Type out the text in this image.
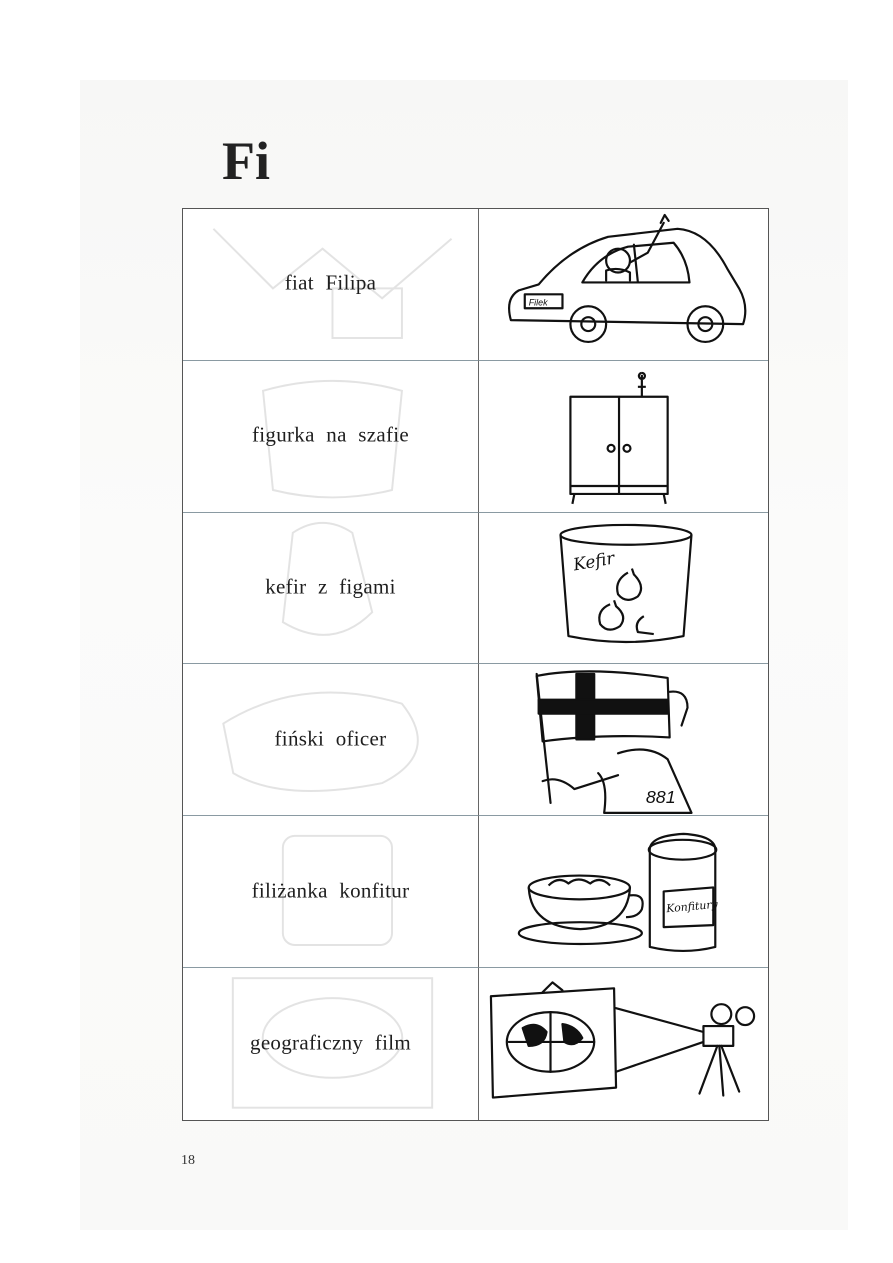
Fi
fiat Filipa
Filek
figurka na szafie
kefir z figami
Kefir
fiński oficer
881
filiżanka konfitur
Konfitury
geograficzny film
18
